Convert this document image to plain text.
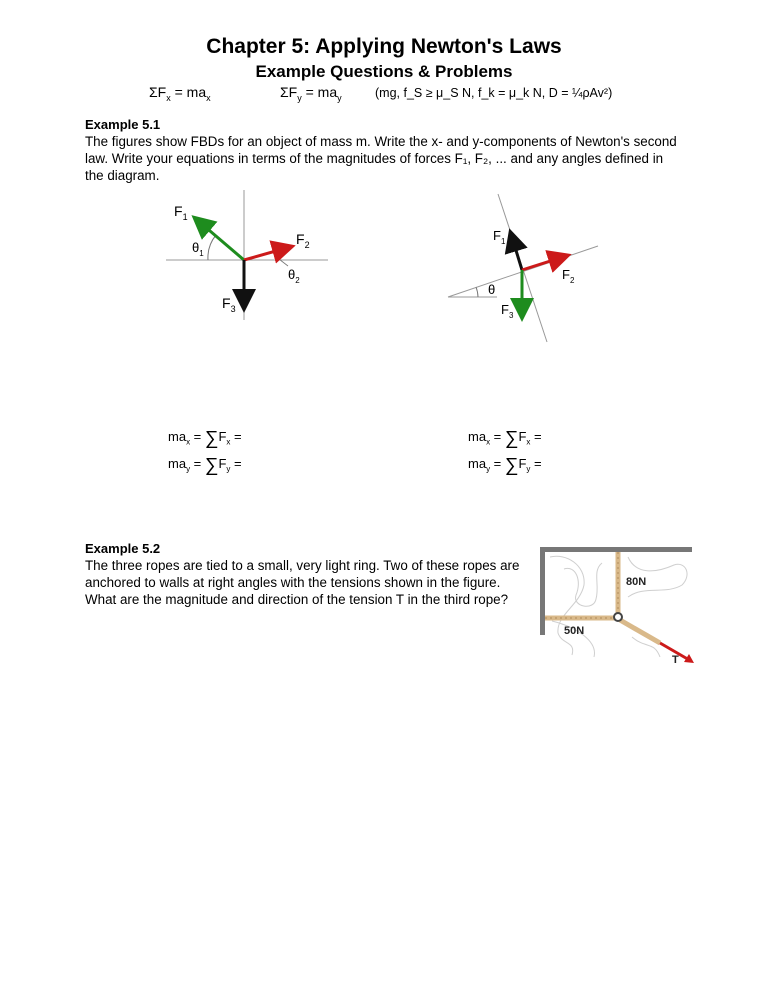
Chapter 5: Applying Newton's Laws
Example Questions & Problems
$\Sigma F_x = ma_x$	$\Sigma F_y = ma_y$	(mg, f_S ≥ μ_S N, f_k = μ_k N, D = ¼ρAv²)
Example 5.1
The figures show FBDs for an object of mass m. Write the x- and y-components of Newton's second law. Write your equations in terms of the magnitudes of forces F₁, F₂, ... and any angles defined in the diagram.
$F_1$
$F_2$
$F_3$
$\theta_1$
$\theta_2$
$F_1$
$F_2$
$F_3$
θ
$ma_x = \sum F_x$ =
$ma_y = \sum F_y$ =
$ma_x = \sum F_x$ =
$ma_y = \sum F_y$ =
Example 5.2
The three ropes are tied to a small, very light ring. Two of these ropes are anchored to walls at right angles with the tensions shown in the figure. What are the magnitude and direction of the tension T in the third rope?
80N
50N
T
